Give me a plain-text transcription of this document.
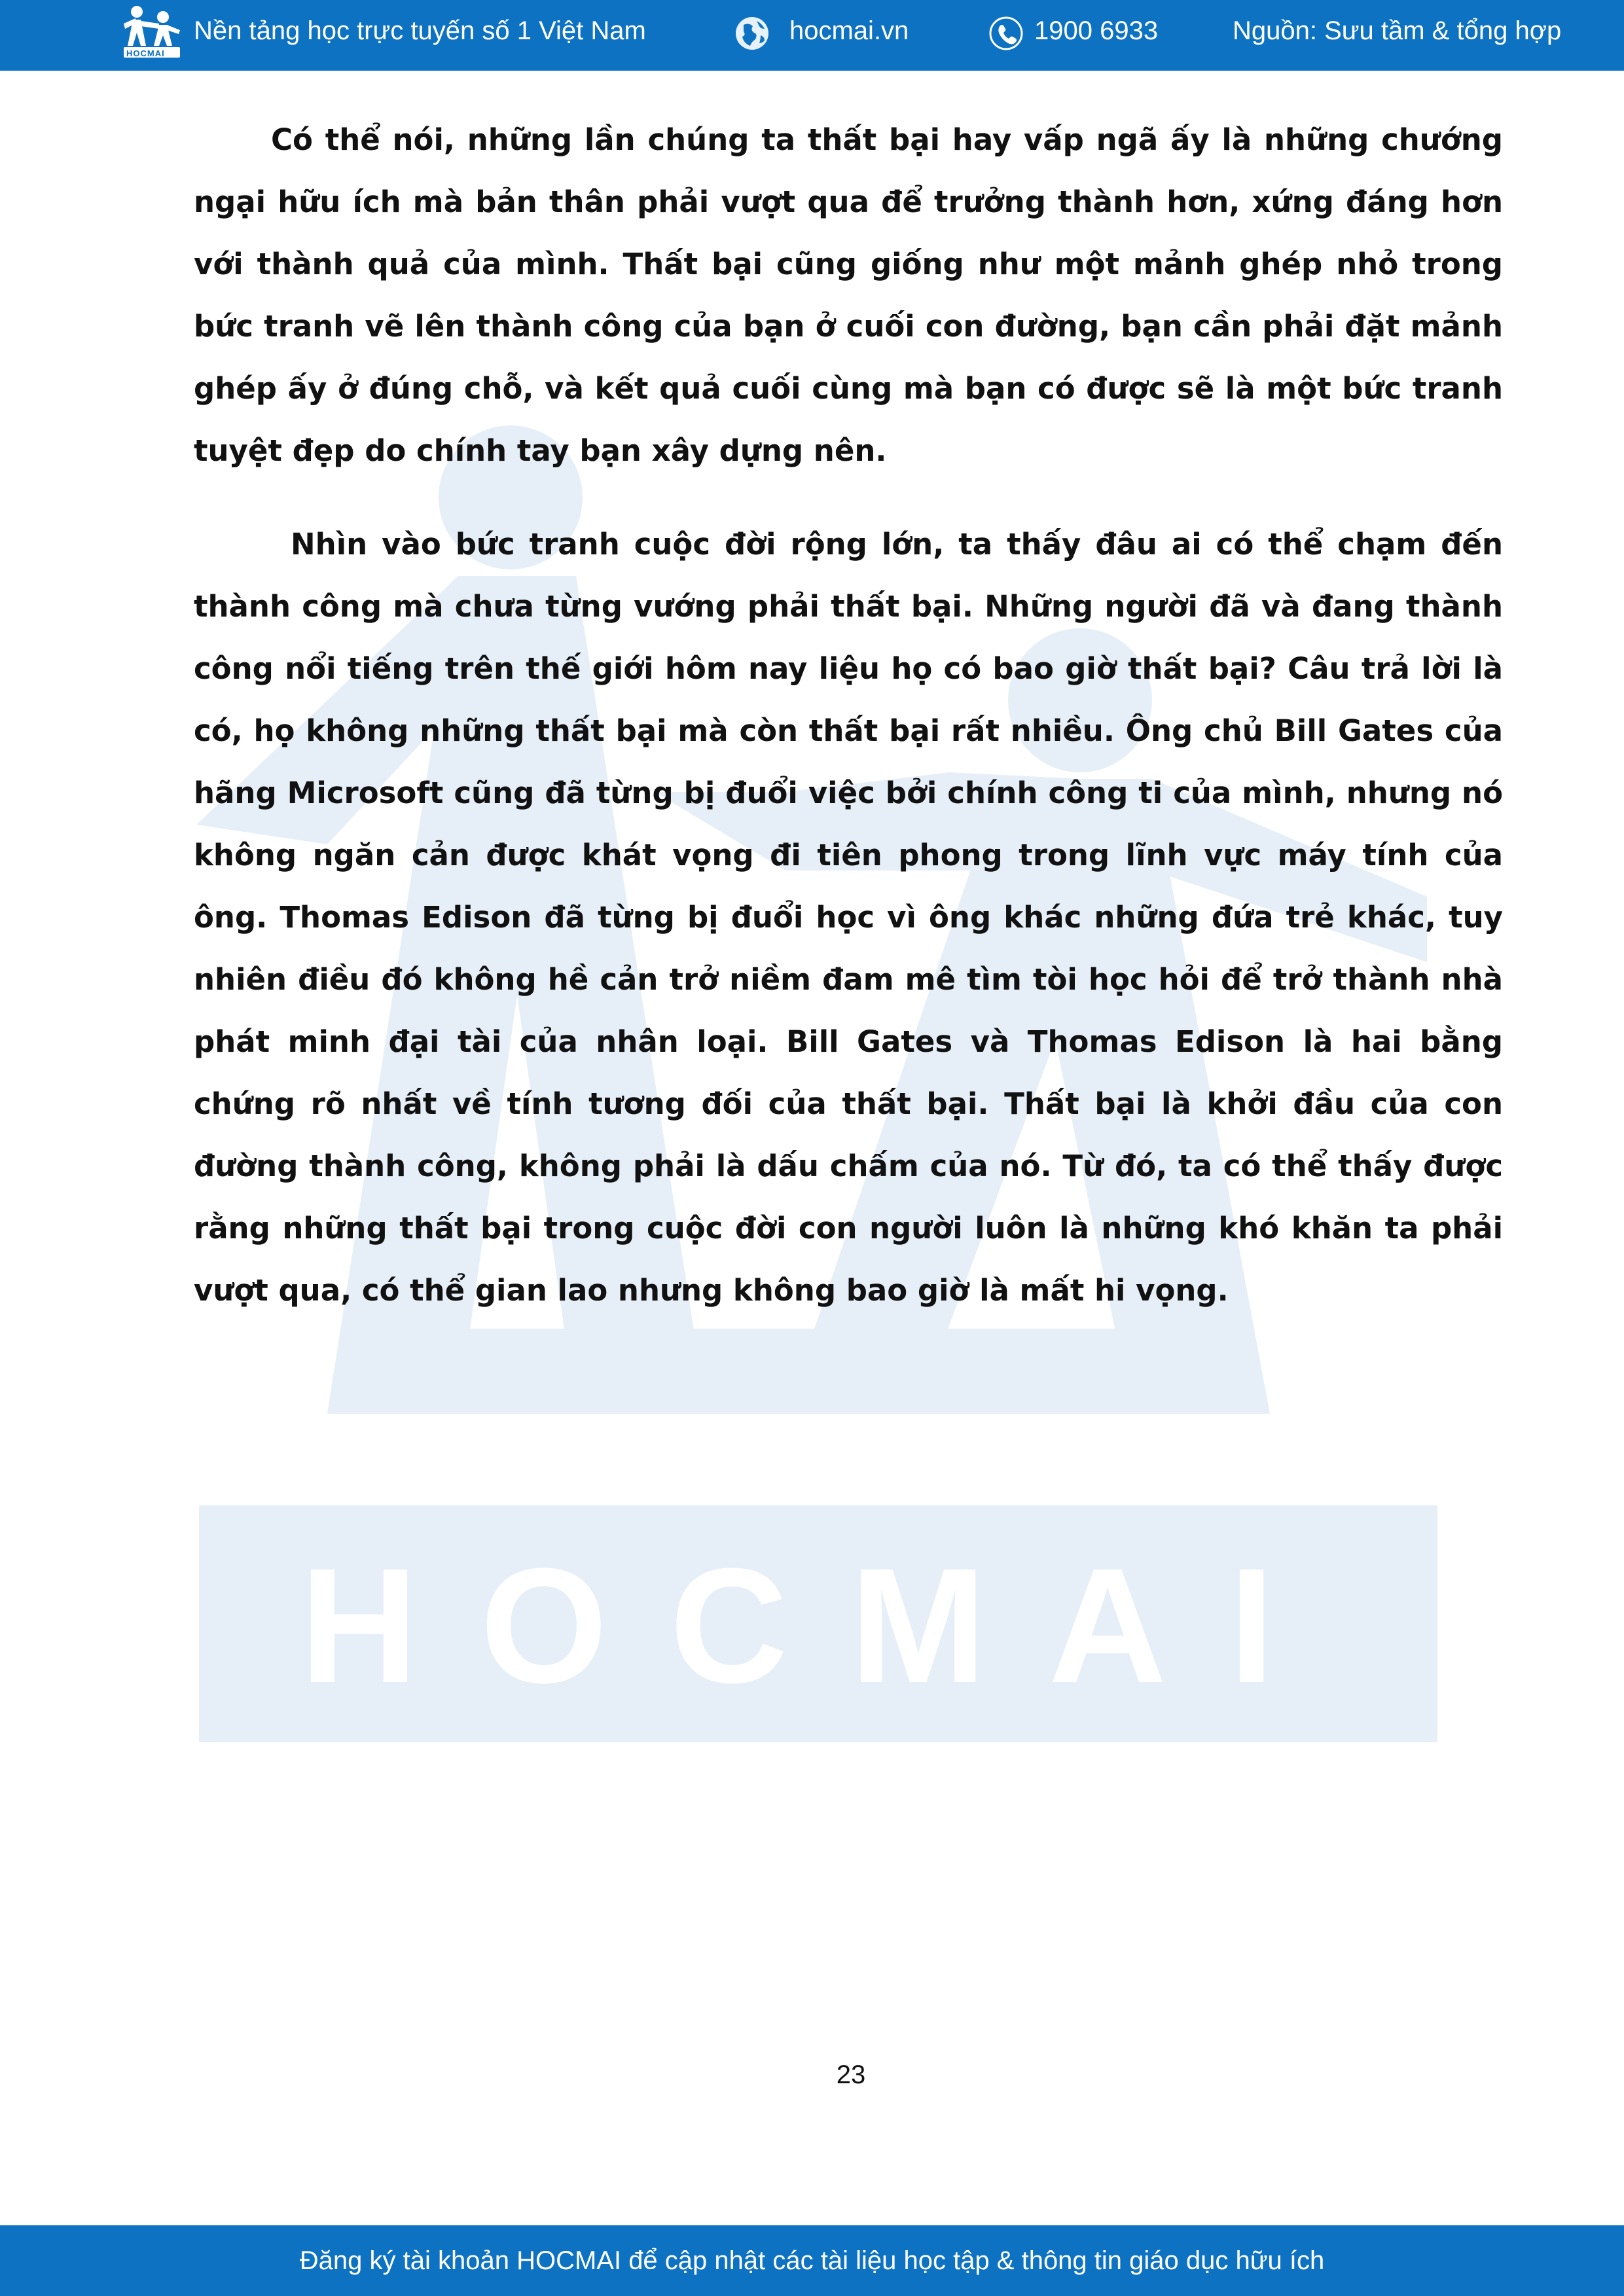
HOCMAI
HOCMAI
Nền tảng học trực tuyến số 1 Việt Nam	hocmai.vn	1900 6933	Nguồn: Sưu tầm & tổng hợp

Có thể nói, những lần chúng ta thất bại hay vấp ngã ấy là những chướng ngại hữu ích mà bản thân phải vượt qua để trưởng thành hơn, xứng đáng hơn với thành quả của mình. Thất bại cũng giống như một mảnh ghép nhỏ trong bức tranh vẽ lên thành công của bạn ở cuối con đường, bạn cần phải đặt mảnh ghép ấy ở đúng chỗ, và kết quả cuối cùng mà bạn có được sẽ là một bức tranh tuyệt đẹp do chính tay bạn xây dựng nên.

Nhìn vào bức tranh cuộc đời rộng lớn, ta thấy đâu ai có thể chạm đến thành công mà chưa từng vướng phải thất bại. Những người đã và đang thành công nổi tiếng trên thế giới hôm nay liệu họ có bao giờ thất bại? Câu trả lời là có, họ không những thất bại mà còn thất bại rất nhiều. Ông chủ Bill Gates của hãng Microsoft cũng đã từng bị đuổi việc bởi chính công ti của mình, nhưng nó không ngăn cản được khát vọng đi tiên phong trong lĩnh vực máy tính của ông. Thomas Edison đã từng bị đuổi học vì ông khác những đứa trẻ khác, tuy nhiên điều đó không hề cản trở niềm đam mê tìm tòi học hỏi để trở thành nhà phát minh đại tài của nhân loại. Bill Gates và Thomas Edison là hai bằng chứng rõ nhất về tính tương đối của thất bại. Thất bại là khởi đầu của con đường thành công, không phải là dấu chấm của nó. Từ đó, ta có thể thấy được rằng những thất bại trong cuộc đời con người luôn là những khó khăn ta phải vượt qua, có thể gian lao nhưng không bao giờ là mất hi vọng.

23
Đăng ký tài khoản HOCMAI để cập nhật các tài liệu học tập & thông tin giáo dục hữu ích
